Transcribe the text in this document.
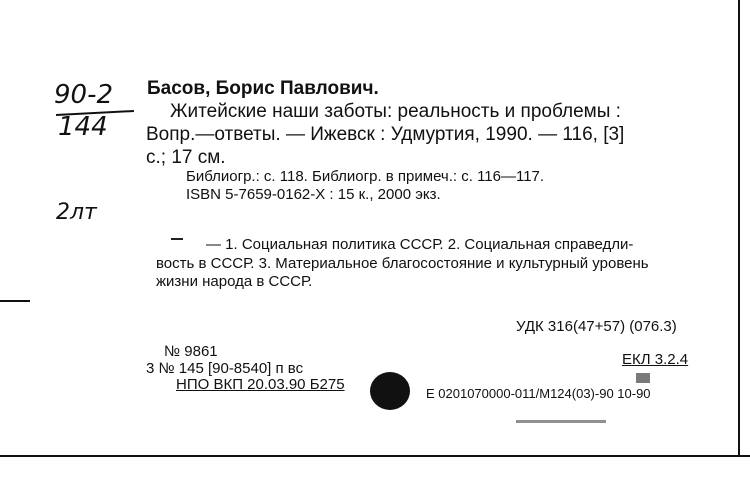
90-2
144
2лт
Басов, Борис Павлович.
Житейские наши заботы: реальность и проблемы :
Вопр.—ответы. — Ижевск : Удмуртия, 1990. — 116, [3]
с.; 17 см.
Библиогр.: с. 118. Библиогр. в примеч.: с. 116—117.
ISBN 5-7659-0162-X : 15 к., 2000 экз.
— 1. Социальная политика СССР. 2. Социальная справедли-
вость в СССР. 3. Материальное благосостояние и культурный уровень
жизни народа в СССР.
УДК 316(47+57) (076.3)
№ 9861
3 № 145 [90-8540] п вс
НПО ВКП 20.03.90 Б275
ЕКЛ 3.2.4
Е 0201070000-011/М124(03)-90 10-90
